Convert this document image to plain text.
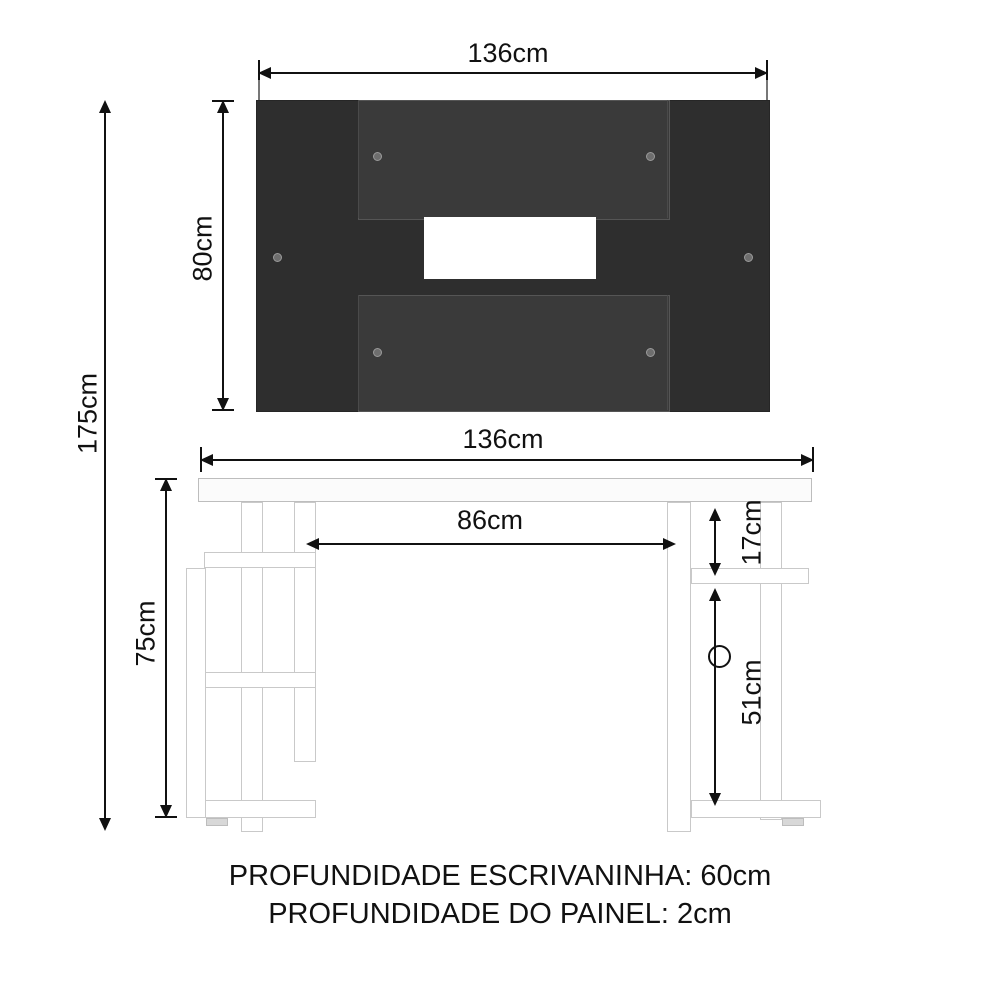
175cm
136cm
80cm
136cm
75cm
86cm	17cm
51cm
PROFUNDIDADE ESCRIVANINHA: 60cm
PROFUNDIDADE DO PAINEL: 2cm
